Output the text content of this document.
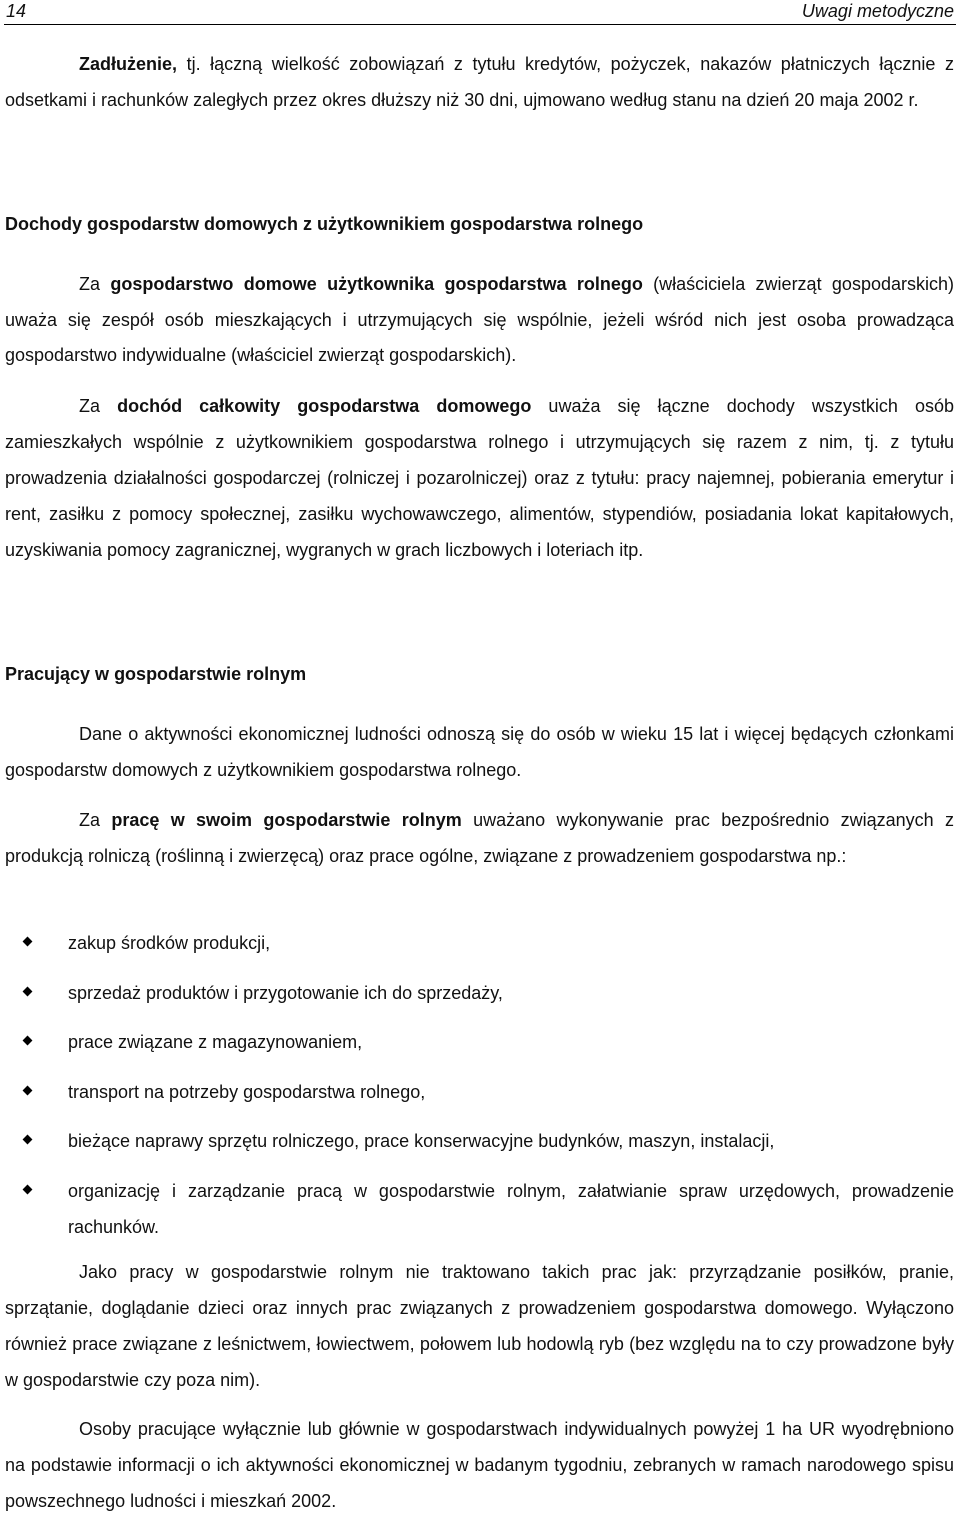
14	Uwagi metodyczne

Zadłużenie, tj. łączną wielkość zobowiązań z tytułu kredytów, pożyczek, nakazów płatniczych łącznie z odsetkami i rachunków zaległych przez okres dłuższy niż 30 dni, ujmowano według stanu na dzień 20 maja 2002 r.

Dochody gospodarstw domowych z użytkownikiem gospodarstwa rolnego

Za gospodarstwo domowe użytkownika gospodarstwa rolnego (właściciela zwierząt gospodarskich) uważa się zespół osób mieszkających i utrzymujących się wspólnie, jeżeli wśród nich jest osoba prowadząca gospodarstwo indywidualne (właściciel zwierząt gospodarskich).

Za dochód całkowity gospodarstwa domowego uważa się łączne dochody wszystkich osób zamieszkałych wspólnie z użytkownikiem gospodarstwa rolnego i utrzymujących się razem z nim, tj. z tytułu prowadzenia działalności gospodarczej (rolniczej i pozarolniczej) oraz z tytułu: pracy najemnej, pobierania emerytur i rent, zasiłku z pomocy społecznej, zasiłku wychowawczego, alimentów, stypendiów, posiadania lokat kapitałowych, uzyskiwania pomocy zagranicznej, wygranych w grach liczbowych i loteriach itp.

Pracujący w gospodarstwie rolnym

Dane o aktywności ekonomicznej ludności odnoszą się do osób w wieku 15 lat i więcej będących członkami gospodarstw domowych z użytkownikiem gospodarstwa rolnego.

Za pracę w swoim gospodarstwie rolnym uważano wykonywanie prac bezpośrednio związanych z produkcją rolniczą (roślinną i zwierzęcą) oraz prace ogólne, związane z prowadzeniem gospodarstwa np.:

zakup środków produkcji,
sprzedaż produktów i przygotowanie ich do sprzedaży,
prace związane z magazynowaniem,
transport na potrzeby gospodarstwa rolnego,
bieżące naprawy sprzętu rolniczego, prace konserwacyjne budynków, maszyn, instalacji,
organizację i zarządzanie pracą w gospodarstwie rolnym, załatwianie spraw urzędowych, prowadzenie rachunków.

Jako pracy w gospodarstwie rolnym nie traktowano takich prac jak: przyrządzanie posiłków, pranie, sprzątanie, doglądanie dzieci oraz innych prac związanych z prowadzeniem gospodarstwa domowego. Wyłączono również prace związane z leśnictwem, łowiectwem, połowem lub hodowlą ryb (bez względu na to czy prowadzone były w gospodarstwie czy poza nim).

Osoby pracujące wyłącznie lub głównie w gospodarstwach indywidualnych powyżej 1 ha UR wyodrębniono na podstawie informacji o ich aktywności ekonomicznej w badanym tygodniu, zebranych w ramach narodowego spisu powszechnego ludności i mieszkań 2002.
